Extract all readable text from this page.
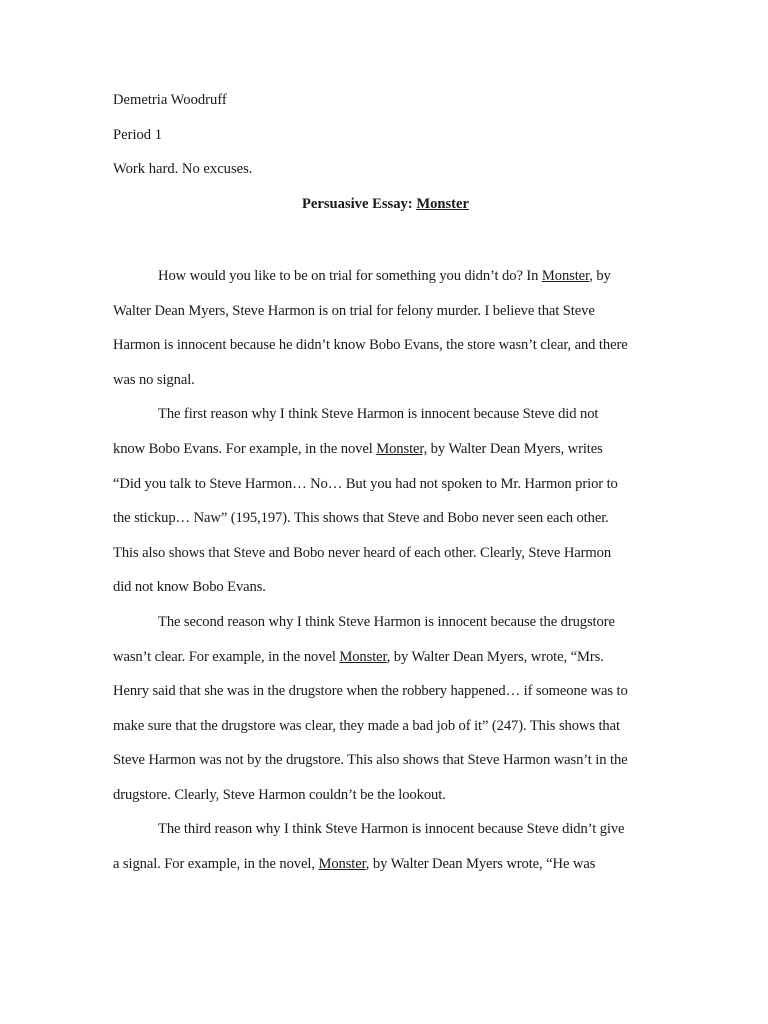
Demetria Woodruff

Period 1

Work hard. No excuses.

Persuasive Essay: Monster

How would you like to be on trial for something you didn’t do? In Monster, by
Walter Dean Myers, Steve Harmon is on trial for felony murder. I believe that Steve
Harmon is innocent because he didn’t know Bobo Evans, the store wasn’t clear, and there
was no signal.
The first reason why I think Steve Harmon is innocent because Steve did not
know Bobo Evans. For example, in the novel Monster, by Walter Dean Myers, writes
“Did you talk to Steve Harmon… No… But you had not spoken to Mr. Harmon prior to
the stickup… Naw” (195,197). This shows that Steve and Bobo never seen each other.
This also shows that Steve and Bobo never heard of each other. Clearly, Steve Harmon
did not know Bobo Evans.
The second reason why I think Steve Harmon is innocent because the drugstore
wasn’t clear. For example, in the novel Monster, by Walter Dean Myers, wrote, “Mrs.
Henry said that she was in the drugstore when the robbery happened… if someone was to
make sure that the drugstore was clear, they made a bad job of it” (247). This shows that
Steve Harmon was not by the drugstore. This also shows that Steve Harmon wasn’t in the
drugstore. Clearly, Steve Harmon couldn’t be the lookout.
The third reason why I think Steve Harmon is innocent because Steve didn’t give
a signal. For example, in the novel, Monster, by Walter Dean Myers wrote, “He was
